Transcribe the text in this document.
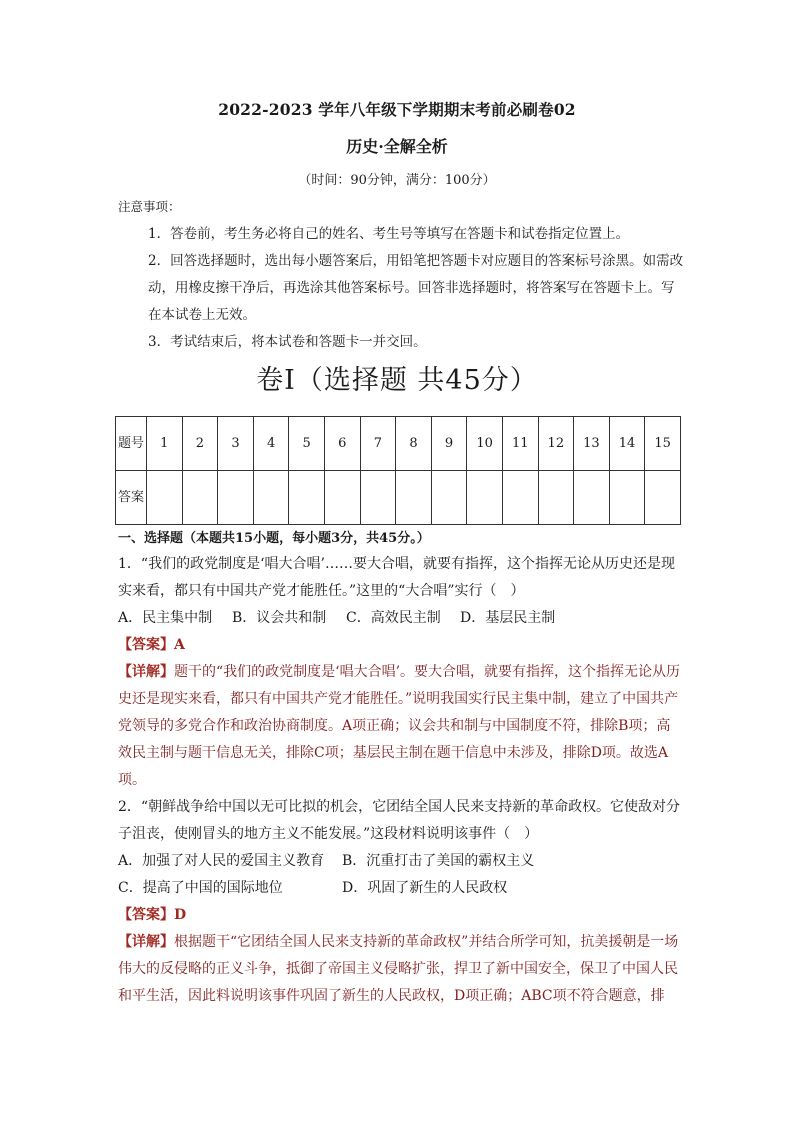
2022-2023 学年八年级下学期期末考前必刷卷02
历史·全解全析
（时间：90分钟，满分：100分）
注意事项：
1．答卷前，考生务必将自己的姓名、考生号等填写在答题卡和试卷指定位置上。
2．回答选择题时，选出每小题答案后，用铅笔把答题卡对应题目的答案标号涂黑。如需改动，用橡皮擦干净后，再选涂其他答案标号。回答非选择题时，将答案写在答题卡上。写在本试卷上无效。
3．考试结束后，将本试卷和答题卡一并交回。
卷Ⅰ（选择题 共45分）
题号	1	2	3	4	5	6	7	8	9	10	11	12	13	14	15
答案															
一、选择题（本题共15小题，每小题3分，共45分。）
1．“我们的政党制度是‘唱大合唱’……要大合唱，就要有指挥，这个指挥无论从历史还是现实来看，都只有中国共产党才能胜任。”这里的“大合唱”实行（　）
A．民主集中制 B．议会共和制 C．高效民主制 D．基层民主制
【答案】A
【详解】题干的“我们的政党制度是‘唱大合唱’。要大合唱，就要有指挥，这个指挥无论从历史还是现实来看，都只有中国共产党才能胜任。”说明我国实行民主集中制，建立了中国共产党领导的多党合作和政治协商制度。A项正确；议会共和制与中国制度不符，排除B项；高效民主制与题干信息无关，排除C项；基层民主制在题干信息中未涉及，排除D项。故选A项。
2．“朝鲜战争给中国以无可比拟的机会，它团结全国人民来支持新的革命政权。它使敌对分子沮丧，使刚冒头的地方主义不能发展。”这段材料说明该事件（　）
A．加强了对人民的爱国主义教育 B．沉重打击了美国的霸权主义
C．提高了中国的国际地位	D．巩固了新生的人民政权
【答案】D
【详解】根据题干“它团结全国人民来支持新的革命政权”并结合所学可知，抗美援朝是一场伟大的反侵略的正义斗争，抵御了帝国主义侵略扩张，捍卫了新中国安全，保卫了中国人民和平生活，因此料说明该事件巩固了新生的人民政权，D项正确；ABC项不符合题意，排
